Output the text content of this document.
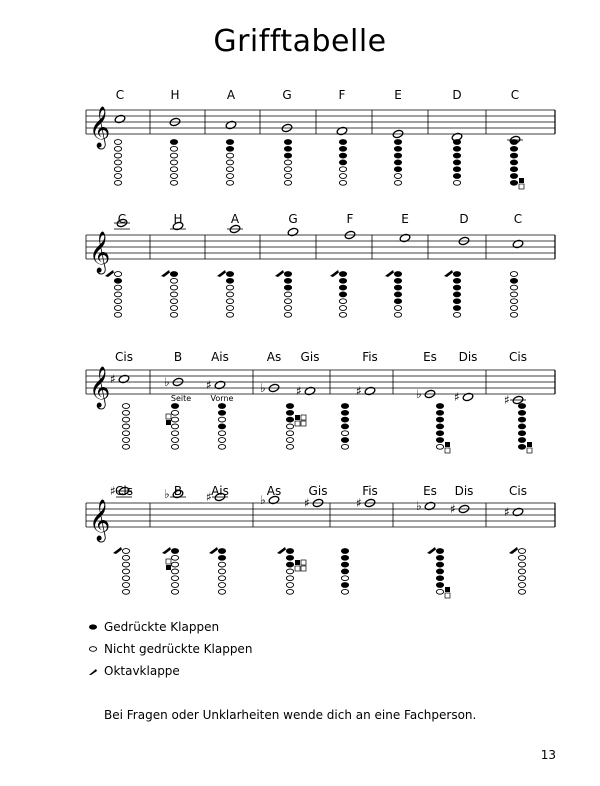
Grifftabelle
Gedrückte Klappen
Nicht gedrückte Klappen
Oktavklappe
Bei Fragen oder Unklarheiten wende dich an eine Fachperson.
13
C	H	A	G	F	E	D	C
𝄞
C	H	A	G	F	E	D	C
𝄞
Cis	B Ais	As Gis	Fis	Es Dis	Cis
Seite Vorne
𝄞 ♯	♭	♯	♭	♯	♯	♭	♯	♯
Cis	B Ais	As Gis	Fis	Es Dis	Cis
𝄞
♯	♭	♯	♭	♯	♯	♭ ♯	♯
